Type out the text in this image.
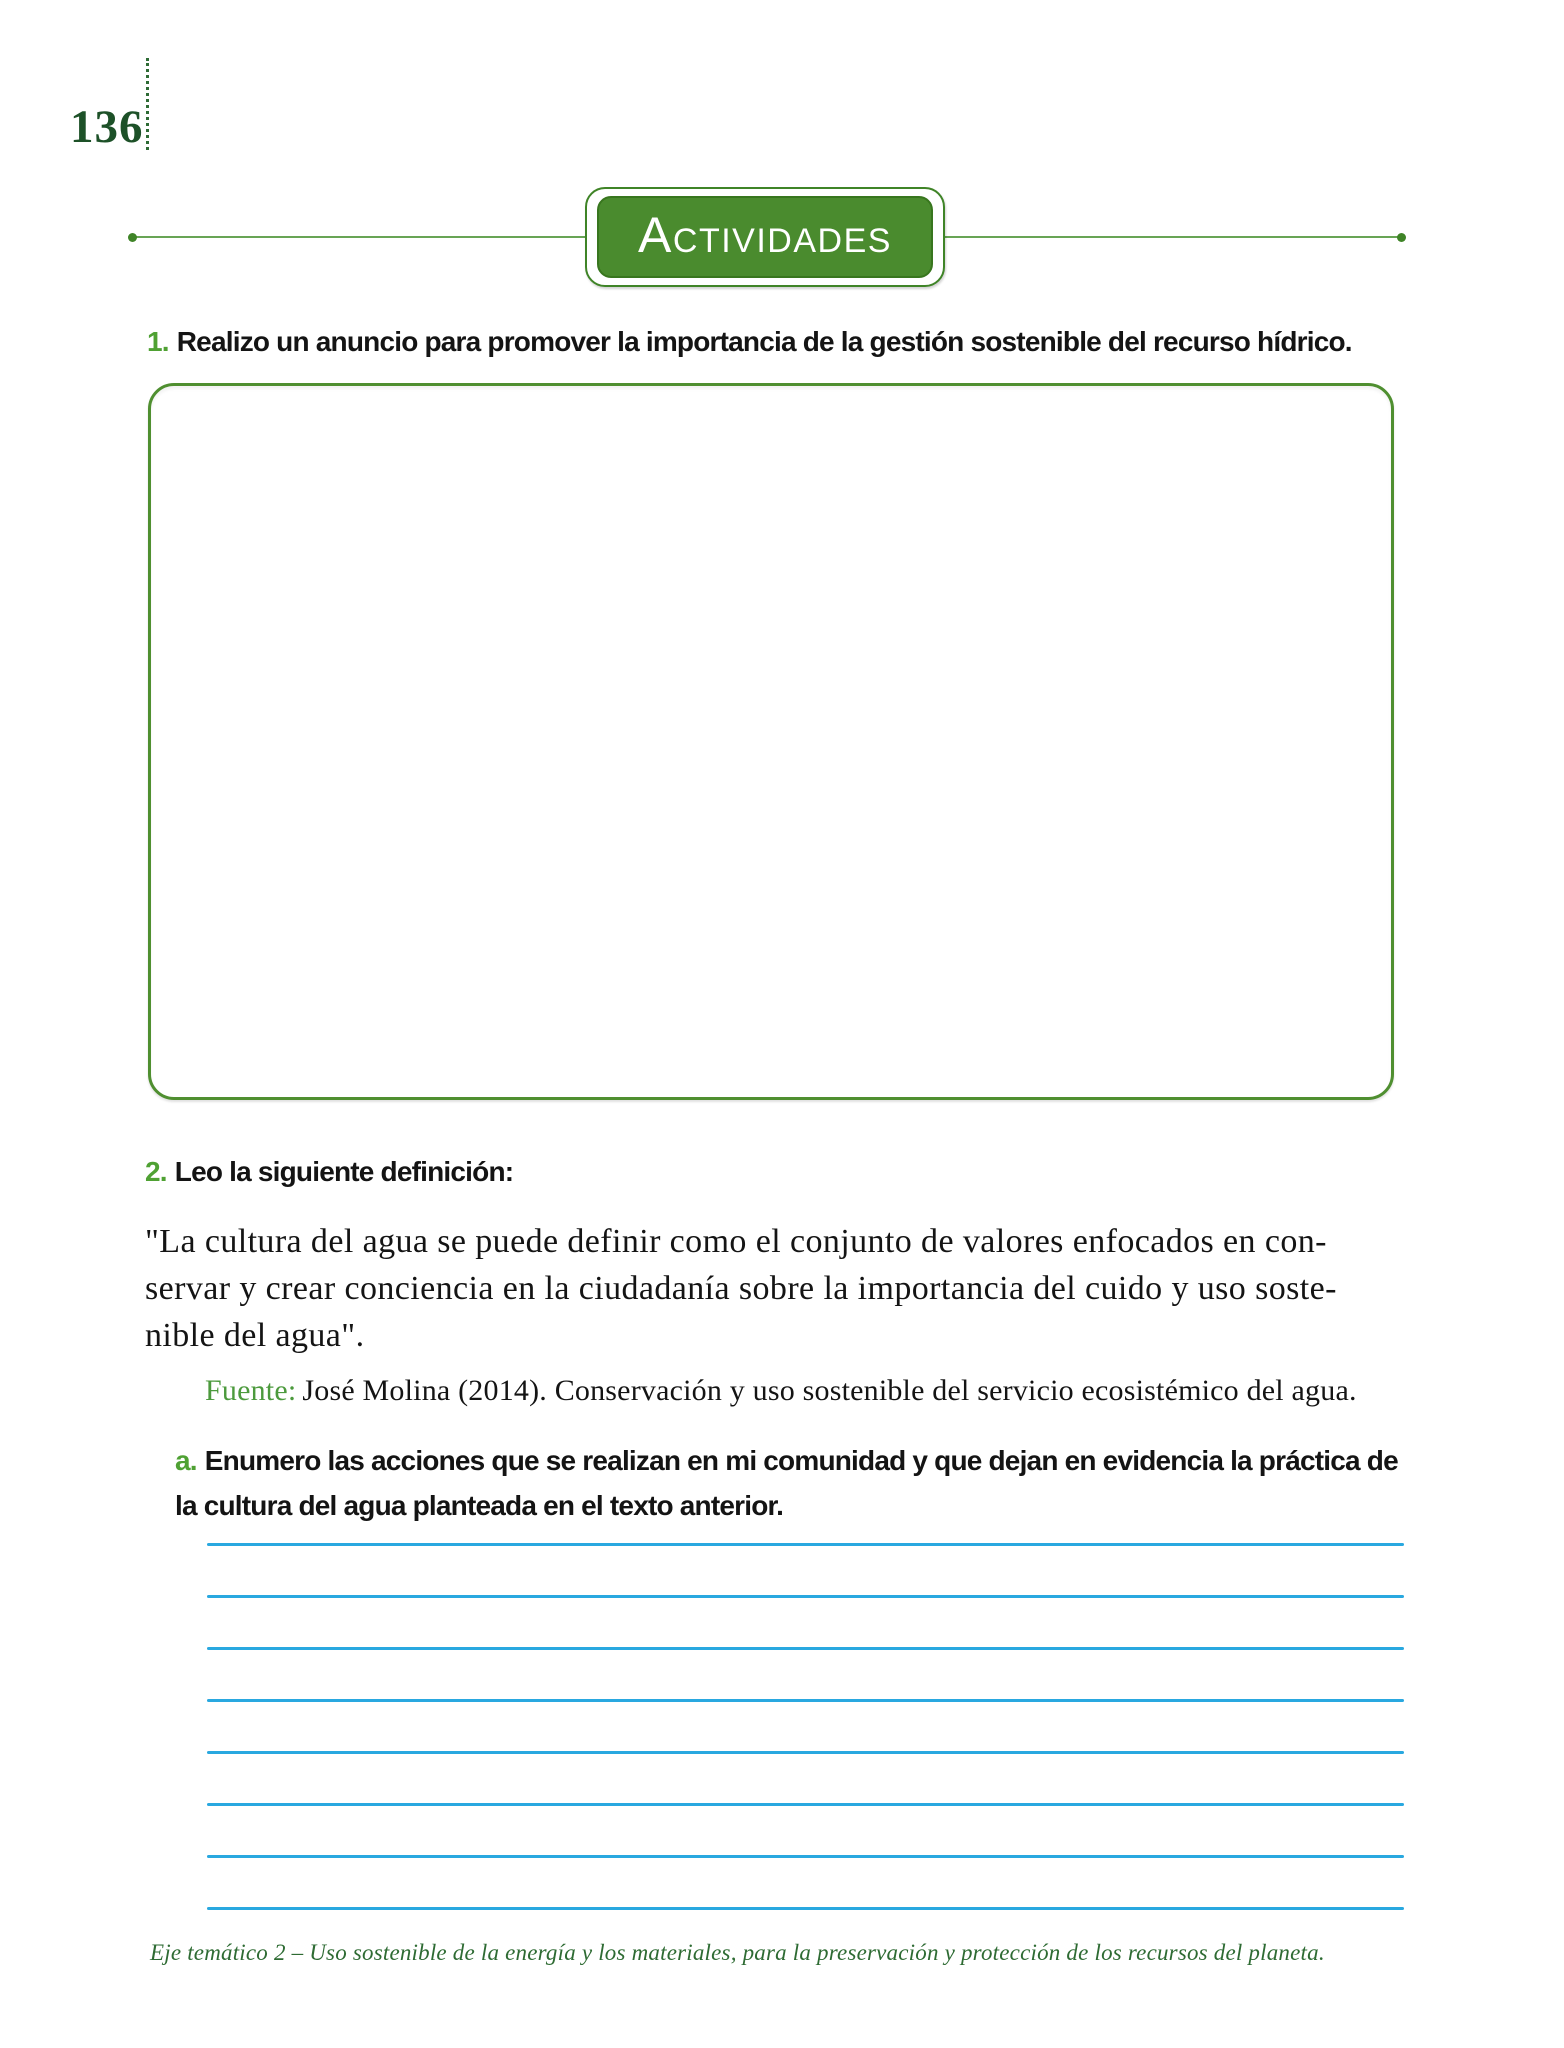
136
ACTIVIDADES
1. Realizo un anuncio para promover la importancia de la gestión sostenible del recurso hídrico.
2. Leo la siguiente definición:
"La cultura del agua se puede definir como el conjunto de valores enfocados en con-
servar y crear conciencia en la ciudadanía sobre la importancia del cuido y uso soste-
nible del agua".
Fuente: José Molina (2014). Conservación y uso sostenible del servicio ecosistémico del agua.
a. Enumero las acciones que se realizan en mi comunidad y que dejan en evidencia la práctica de la cultura del agua planteada en el texto anterior.
Eje temático 2 – Uso sostenible de la energía y los materiales, para la preservación y protección de los recursos del planeta.
